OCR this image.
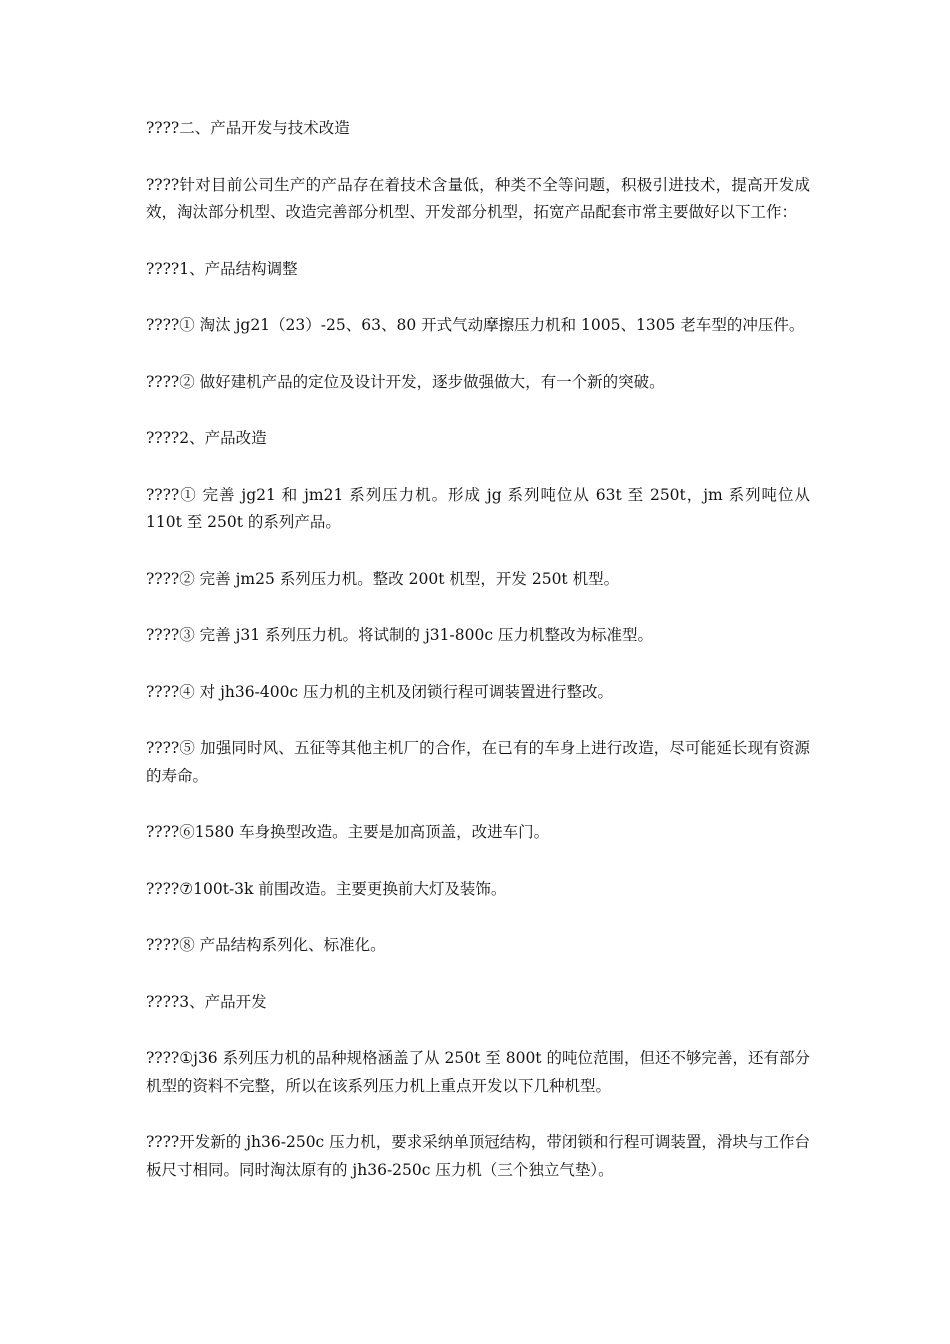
????二、产品开发与技术改造

????针对目前公司生产的产品存在着技术含量低，种类不全等问题，积极引进技术，提高开发成效，淘汰部分机型、改造完善部分机型、开发部分机型，拓宽产品配套市常主要做好以下工作：

????1、产品结构调整

????① 淘汰 jg21（23）-25、63、80 开式气动摩擦压力机和 1005、1305 老车型的冲压件。

????② 做好建机产品的定位及设计开发，逐步做强做大，有一个新的突破。

????2、产品改造

????① 完善 jg21 和 jm21 系列压力机。形成 jg 系列吨位从 63t 至 250t，jm 系列吨位从 110t 至 250t 的系列产品。

????② 完善 jm25 系列压力机。整改 200t 机型，开发 250t 机型。

????③ 完善 j31 系列压力机。将试制的 j31-800c 压力机整改为标准型。

????④ 对 jh36-400c 压力机的主机及闭锁行程可调装置进行整改。

????⑤ 加强同时风、五征等其他主机厂的合作，在已有的车身上进行改造，尽可能延长现有资源的寿命。

????⑥1580 车身换型改造。主要是加高顶盖，改进车门。

????⑦100t-3k 前围改造。主要更换前大灯及装饰。

????⑧ 产品结构系列化、标准化。

????3、产品开发

????①j36 系列压力机的品种规格涵盖了从 250t 至 800t 的吨位范围，但还不够完善，还有部分机型的资料不完整，所以在该系列压力机上重点开发以下几种机型。

????开发新的 jh36-250c 压力机，要求采纳单顶冠结构，带闭锁和行程可调装置，滑块与工作台板尺寸相同。同时淘汰原有的 jh36-250c 压力机（三个独立气垫）。
